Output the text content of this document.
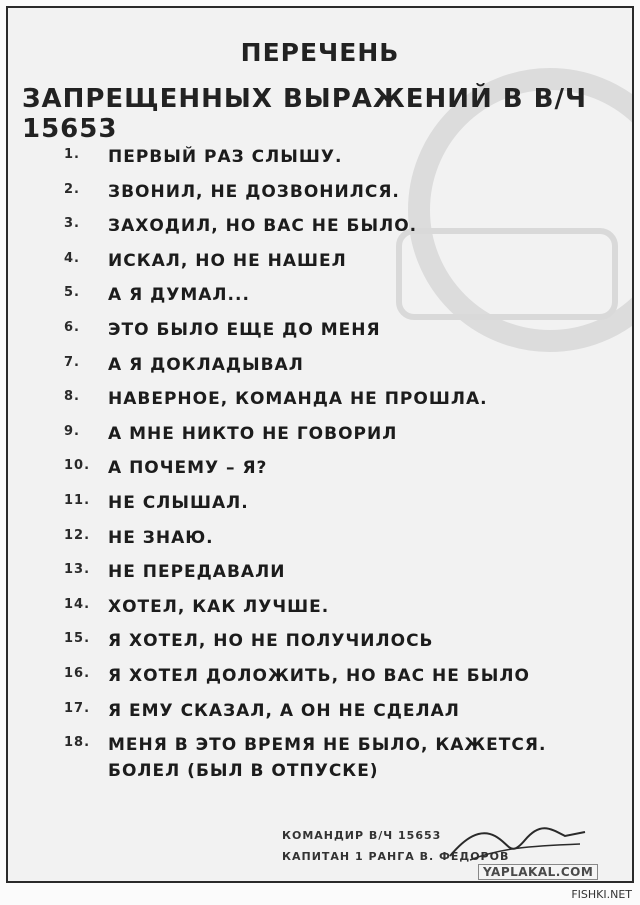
ПЕРЕЧЕНЬ
ЗАПРЕЩЕННЫХ ВЫРАЖЕНИЙ В В/Ч 15653
1.	ПЕРВЫЙ РАЗ СЛЫШУ.
2.	ЗВОНИЛ, НЕ ДОЗВОНИЛСЯ.
3.	ЗАХОДИЛ, НО ВАС НЕ БЫЛО.
4.	ИСКАЛ, НО НЕ НАШЕЛ
5.	А Я ДУМАЛ...
6.	ЭТО БЫЛО ЕЩЕ ДО МЕНЯ
7.	А Я ДОКЛАДЫВАЛ
8.	НАВЕРНОЕ, КОМАНДА НЕ ПРОШЛА.
9.	А МНЕ НИКТО НЕ ГОВОРИЛ
10.	А ПОЧЕМУ – Я?
11.	НЕ СЛЫШАЛ.
12.	НЕ ЗНАЮ.
13.	НЕ ПЕРЕДАВАЛИ
14.	ХОТЕЛ, КАК ЛУЧШЕ.
15.	Я ХОТЕЛ, НО НЕ ПОЛУЧИЛОСЬ
16.	Я ХОТЕЛ ДОЛОЖИТЬ, НО ВАС НЕ БЫЛО
17.	Я ЕМУ СКАЗАЛ, А ОН НЕ СДЕЛАЛ
18.	МЕНЯ В ЭТО ВРЕМЯ НЕ БЫЛО, КАЖЕТСЯ.
БОЛЕЛ (БЫЛ В ОТПУСКЕ)
КОМАНДИР В/Ч 15653
КАПИТАН 1 РАНГА В. ФЕДОРОВ
YAPLAKAL.COM
FISHKI.NET
